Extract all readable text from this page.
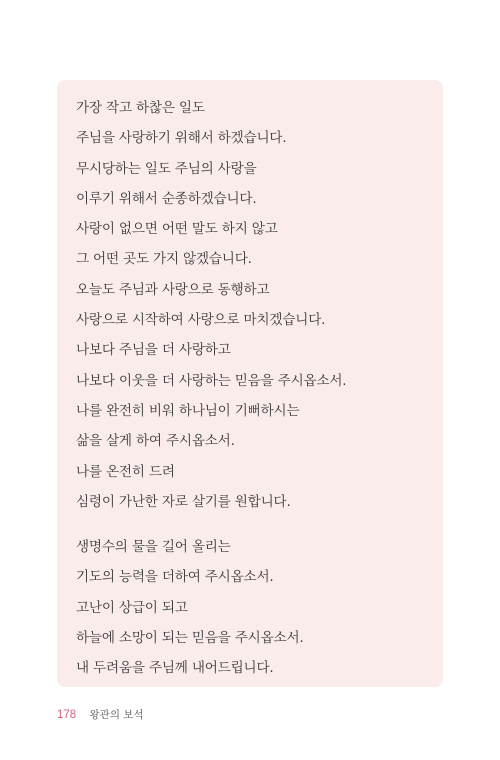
가장 작고 하찮은 일도
주님을 사랑하기 위해서 하겠습니다.
무시당하는 일도 주님의 사랑을
이루기 위해서 순종하겠습니다.
사랑이 없으면 어떤 말도 하지 않고
그 어떤 곳도 가지 않겠습니다.
오늘도 주님과 사랑으로 동행하고
사랑으로 시작하여 사랑으로 마치겠습니다.
나보다 주님을 더 사랑하고
나보다 이웃을 더 사랑하는 믿음을 주시옵소서.
나를 완전히 비워 하나님이 기뻐하시는
삶을 살게 하여 주시옵소서.
나를 온전히 드려
심령이 가난한 자로 살기를 원합니다.
생명수의 물을 길어 올리는
기도의 능력을 더하여 주시옵소서.
고난이 상급이 되고
하늘에 소망이 되는 믿음을 주시옵소서.
내 두려움을 주님께 내어드립니다.
178 왕관의 보석
